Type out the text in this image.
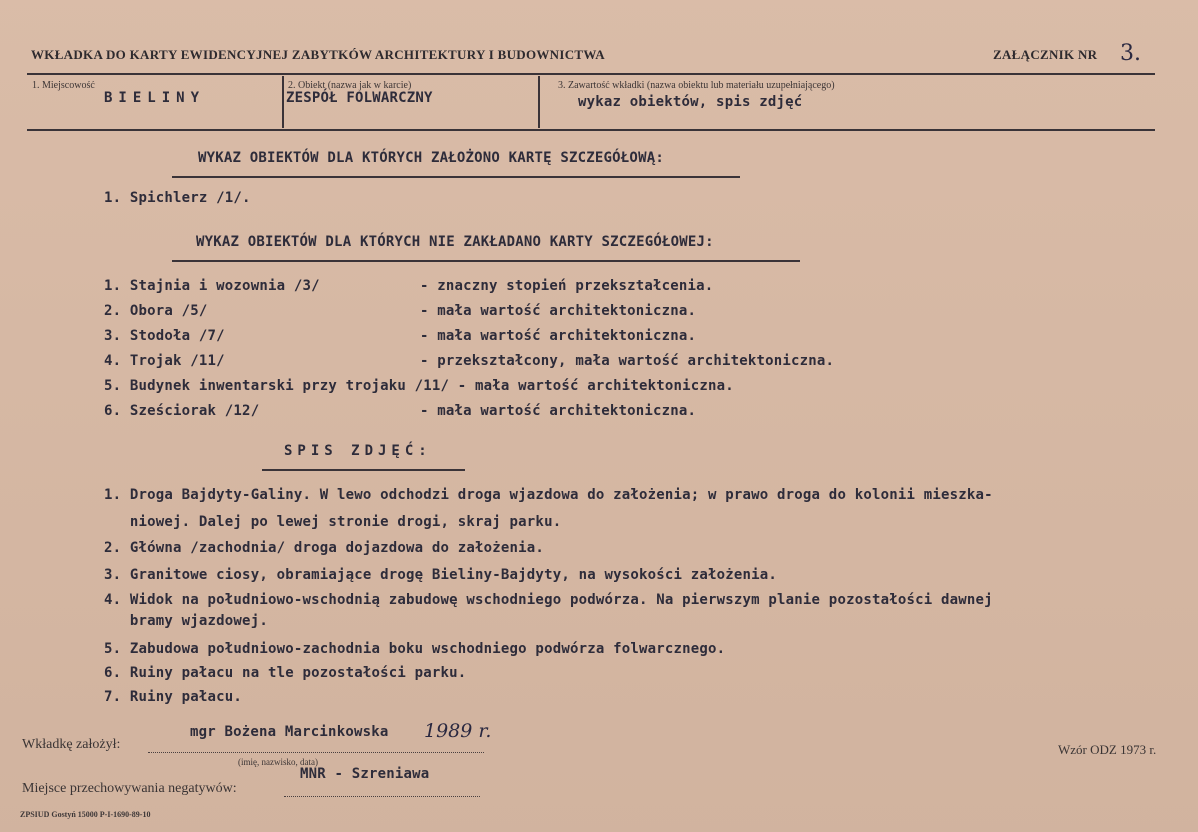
WKŁADKA DO KARTY EWIDENCYJNEJ ZABYTKÓW ARCHITEKTURY I BUDOWNICTWA	ZAŁĄCZNIK NR 3.
1. Miejscowość
BIELINY
2. Obiekt (nazwa jak w karcie)
ZESPÓŁ FOLWARCZNY
3. Zawartość wkładki (nazwa obiektu lub materiału uzupełniającego)
wykaz obiektów, spis zdjęć
WYKAZ OBIEKTÓW DLA KTÓRYCH ZAŁOŻONO KARTĘ SZCZEGÓŁOWĄ:
1. Spichlerz /1/.
WYKAZ OBIEKTÓW DLA KTÓRYCH NIE ZAKŁADANO KARTY SZCZEGÓŁOWEJ:
1. Stajnia i wozownia /3/	- znaczny stopień przekształcenia.
2. Obora /5/	- mała wartość architektoniczna.
3. Stodoła /7/	- mała wartość architektoniczna.
4. Trojak /11/	- przekształcony, mała wartość architektoniczna.
5. Budynek inwentarski przy trojaku /11/ - mała wartość architektoniczna.
6. Sześciorak /12/	- mała wartość architektoniczna.
SPIS ZDJĘĆ:
1. Droga Bajdyty-Galiny. W lewo odchodzi droga wjazdowa do założenia; w prawo droga do kolonii mieszka-
niowej. Dalej po lewej stronie drogi, skraj parku.
2. Główna /zachodnia/ droga dojazdowa do założenia.
3. Granitowe ciosy, obramiające drogę Bieliny-Bajdyty, na wysokości założenia.
4. Widok na południowo-wschodnią zabudowę wschodniego podwórza. Na pierwszym planie pozostałości dawnej
bramy wjazdowej.
5. Zabudowa południowo-zachodnia boku wschodniego podwórza folwarcznego.
6. Ruiny pałacu na tle pozostałości parku.
7. Ruiny pałacu.
mgr Bożena Marcinkowska 1989 r.
Wkładkę założył:
(imię, nazwisko, data)
Wzór ODZ 1973 r.
MNR - Szreniawa
Miejsce przechowywania negatywów:
ZPSIUD Gostyń 15000 P-I-1690-89-10
